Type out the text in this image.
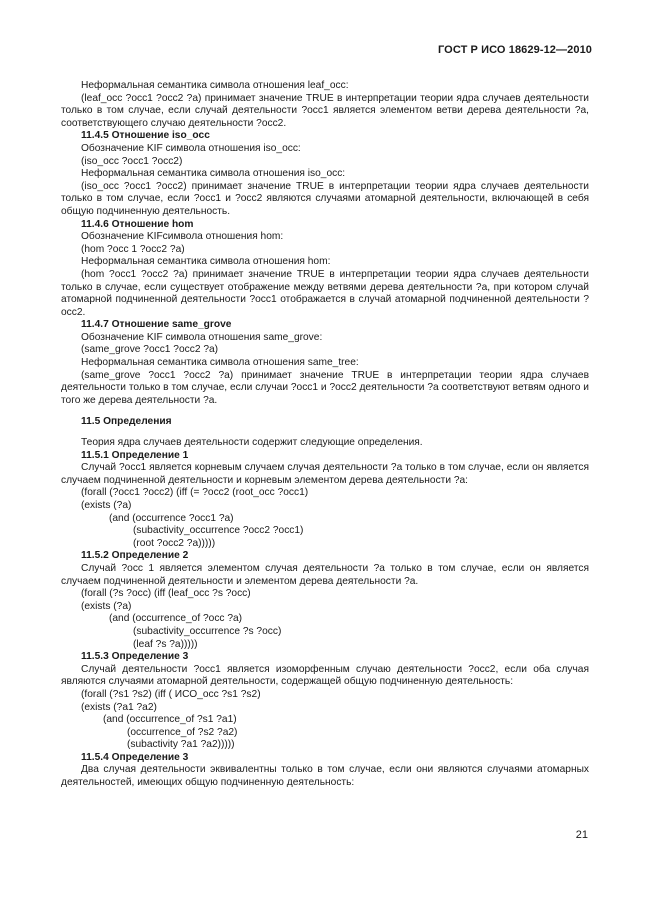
ГОСТ Р ИСО 18629-12—2010
Неформальная семантика символа отношения leaf_occ:
(leaf_occ ?occ1 ?occ2 ?a) принимает значение TRUE в интерпретации теории ядра случаев деятельности только в том случае, если случай деятельности ?occ1 является элементом ветви дерева деятельности ?a, соответствующего случаю деятельности ?occ2.
11.4.5 Отношение iso_occ
Обозначение KIF символа отношения iso_occ:
(iso_occ ?occ1 ?occ2)
Неформальная семантика символа отношения iso_occ:
(iso_occ ?occ1 ?occ2) принимает значение TRUE в интерпретации теории ядра случаев деятельности только в том случае, если ?occ1 и ?occ2 являются случаями атомарной деятельности, включающей в себя общую подчиненную деятельность.
11.4.6 Отношение hom
Обозначение KIFсимвола отношения hom:
(hom ?occ 1 ?occ2 ?a)
Неформальная семантика символа отношения hom:
(hom ?occ1 ?occ2 ?a) принимает значение TRUE в интерпретации теории ядра случаев деятельности только в случае, если существует отображение между ветвями дерева деятельности ?a, при котором случай атомарной подчиненной деятельности ?occ1 отображается в случай атомарной подчиненной деятельности ?occ2.
11.4.7 Отношение same_grove
Обозначение KIF символа отношения same_grove:
(same_grove ?occ1 ?occ2 ?a)
Неформальная семантика символа отношения same_tree:
(same_grove ?occ1 ?occ2 ?a) принимает значение TRUE в интерпретации теории ядра случаев деятельности только в том случае, если случаи ?occ1 и ?occ2 деятельности ?a соответствуют ветвям одного и того же дерева деятельности ?a.
11.5 Определения
Теория ядра случаев деятельности содержит следующие определения.
11.5.1 Определение 1
Случай ?occ1 является корневым случаем случая деятельности ?a только в том случае, если он является случаем подчиненной деятельности и корневым элементом дерева деятельности ?a:
(forall (?occ1 ?occ2) (iff (= ?occ2 (root_occ ?occ1)
(exists (?a)
(and (occurrence ?occ1 ?a)
(subactivity_occurrence ?occ2 ?occ1)
(root ?occ2 ?a)))))
11.5.2 Определение 2
Случай ?occ 1 является элементом случая деятельности ?a только в том случае, если он является случаем подчиненной деятельности и элементом дерева деятельности ?a.
(forall (?s ?occ) (iff (leaf_occ ?s ?occ)
(exists (?a)
(and (occurrence_of ?occ ?a)
(subactivity_occurrence ?s ?occ)
(leaf ?s ?a)))))
11.5.3 Определение 3
Случай деятельности ?occ1 является изоморфенным случаю деятельности ?occ2, если оба случая являются случаями атомарной деятельности, содержащей общую подчиненную деятельность:
(forall (?s1 ?s2) (iff ( ИСО_occ ?s1 ?s2)
(exists (?a1 ?a2)
(and (occurrence_of ?s1 ?a1)
(occurrence_of ?s2 ?a2)
(subactivity ?a1 ?a2)))))
11.5.4 Определение 3
Два случая деятельности эквивалентны только в том случае, если они являются случаями атомарных деятельностей, имеющих общую подчиненную деятельность:
21
